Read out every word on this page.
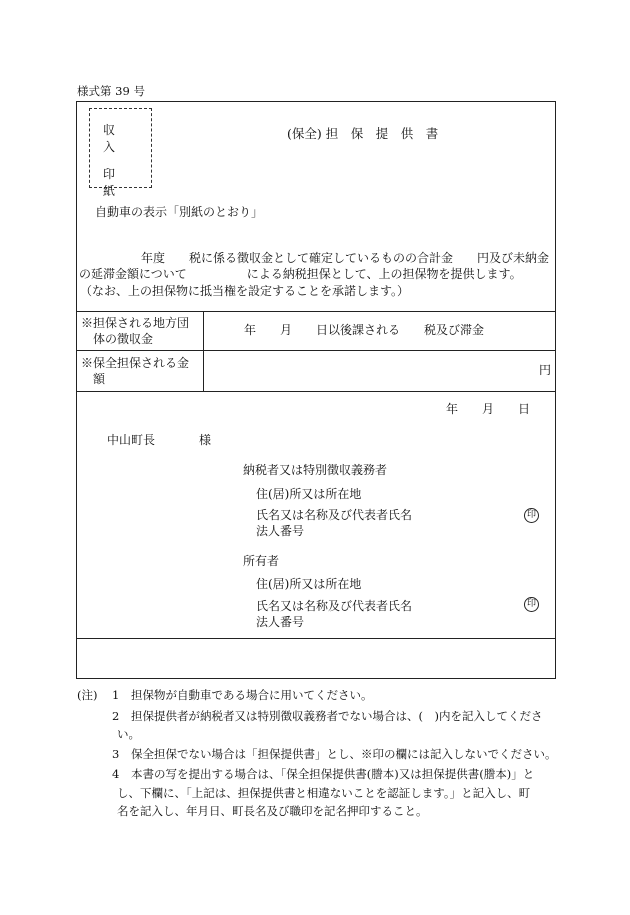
様式第 39 号
収 入
印 紙
(保全) 担　保　提　供　書
自動車の表示「別紙のとおり」
年度　　税に係る徴収金として確定しているものの合計金　　円及び未納金
の延滞金額について　　　　　による納税担保として、上の担保物を提供します。
（なお、上の担保物に抵当権を設定することを承諾します。）
※担保される地方団
体の徴収金
年　　月　　日以後課される　　税及び滞金
※保全担保される金
額
円
年　　月　　日
中山町長	様
納税者又は特別徴収義務者
住(居)所又は所在地
氏名又は名称及び代表者氏名
法人番号
印
所有者
住(居)所又は所在地
氏名又は名称及び代表者氏名
法人番号
印
(注) 1 担保物が自動車である場合に用いてください。
2 担保提供者が納税者又は特別徴収義務者でない場合は、(　)内を記入してくださ
い。
3 保全担保でない場合は「担保提供書」とし、※印の欄には記入しないでください。
4 本書の写を提出する場合は、「保全担保提供書(謄本)又は担保提供書(謄本)」と
し、下欄に、「上記は、担保提供書と相違ないことを認証します。」と記入し、町
名を記入し、年月日、町長名及び職印を記名押印すること。
